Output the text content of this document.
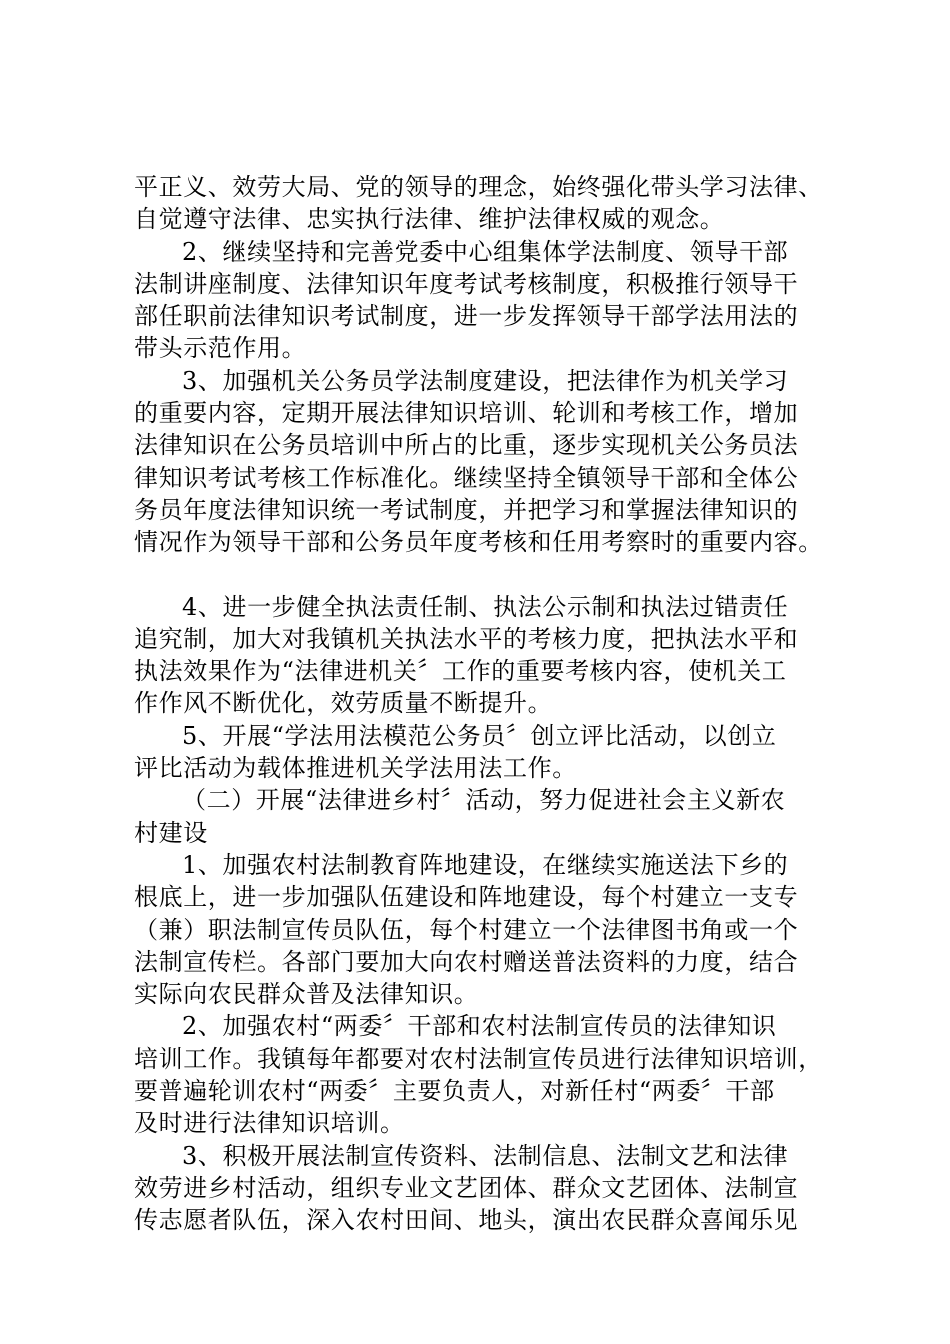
平正义、效劳大局、党的领导的理念，始终强化带头学习法律、
自觉遵守法律、忠实执行法律、维护法律权威的观念。
2、继续坚持和完善党委中心组集体学法制度、领导干部
法制讲座制度、法律知识年度考试考核制度，积极推行领导干
部任职前法律知识考试制度，进一步发挥领导干部学法用法的
带头示范作用。
3、加强机关公务员学法制度建设，把法律作为机关学习
的重要内容，定期开展法律知识培训、轮训和考核工作，增加
法律知识在公务员培训中所占的比重，逐步实现机关公务员法
律知识考试考核工作标准化。继续坚持全镇领导干部和全体公
务员年度法律知识统一考试制度，并把学习和掌握法律知识的
情况作为领导干部和公务员年度考核和任用考察时的重要内容。
4、进一步健全执法责任制、执法公示制和执法过错责任
追究制，加大对我镇机关执法水平的考核力度，把执法水平和
执法效果作为“法律进机关〞工作的重要考核内容，使机关工
作作风不断优化，效劳质量不断提升。
5、开展“学法用法模范公务员〞创立评比活动，以创立
评比活动为载体推进机关学法用法工作。
（二）开展“法律进乡村〞活动，努力促进社会主义新农
村建设
1、加强农村法制教育阵地建设，在继续实施送法下乡的
根底上，进一步加强队伍建设和阵地建设，每个村建立一支专
（兼）职法制宣传员队伍，每个村建立一个法律图书角或一个
法制宣传栏。各部门要加大向农村赠送普法资料的力度，结合
实际向农民群众普及法律知识。
2、加强农村“两委〞干部和农村法制宣传员的法律知识
培训工作。我镇每年都要对农村法制宣传员进行法律知识培训，
要普遍轮训农村“两委〞主要负责人，对新任村“两委〞干部
及时进行法律知识培训。
3、积极开展法制宣传资料、法制信息、法制文艺和法律
效劳进乡村活动，组织专业文艺团体、群众文艺团体、法制宣
传志愿者队伍，深入农村田间、地头，演出农民群众喜闻乐见
